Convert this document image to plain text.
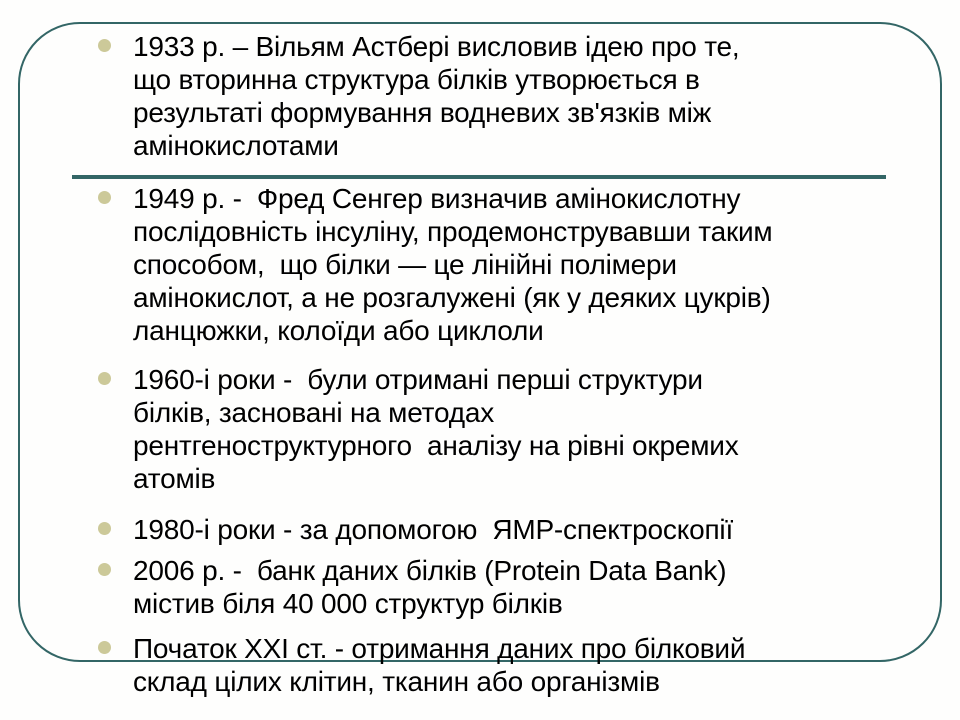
1933 р. – Вільям Астбері висловив ідею про те,
що вторинна структура білків утворюється в
результаті формування водневих зв'язків між
амінокислотами
1949 р. -  Фред Сенгер визначив амінокислотну
послідовність інсуліну, продемонструвавши таким
способом,  що білки — це лінійні полімери
амінокислот, а не розгалужені (як у деяких цукрів)
ланцюжки, колоїди або циклоли
1960-і роки -  були отримані перші структури
білків, засновані на методах
рентгеноструктурного  аналізу на рівні окремих
атомів
1980-і роки - за допомогою  ЯМР-спектроскопії
2006 р. -  банк даних білків (Protein Data Bank)
містив біля 40 000 структур білків
Початок XXI ст. - отримання даних про білковий
склад цілих клітин, тканин або організмів
